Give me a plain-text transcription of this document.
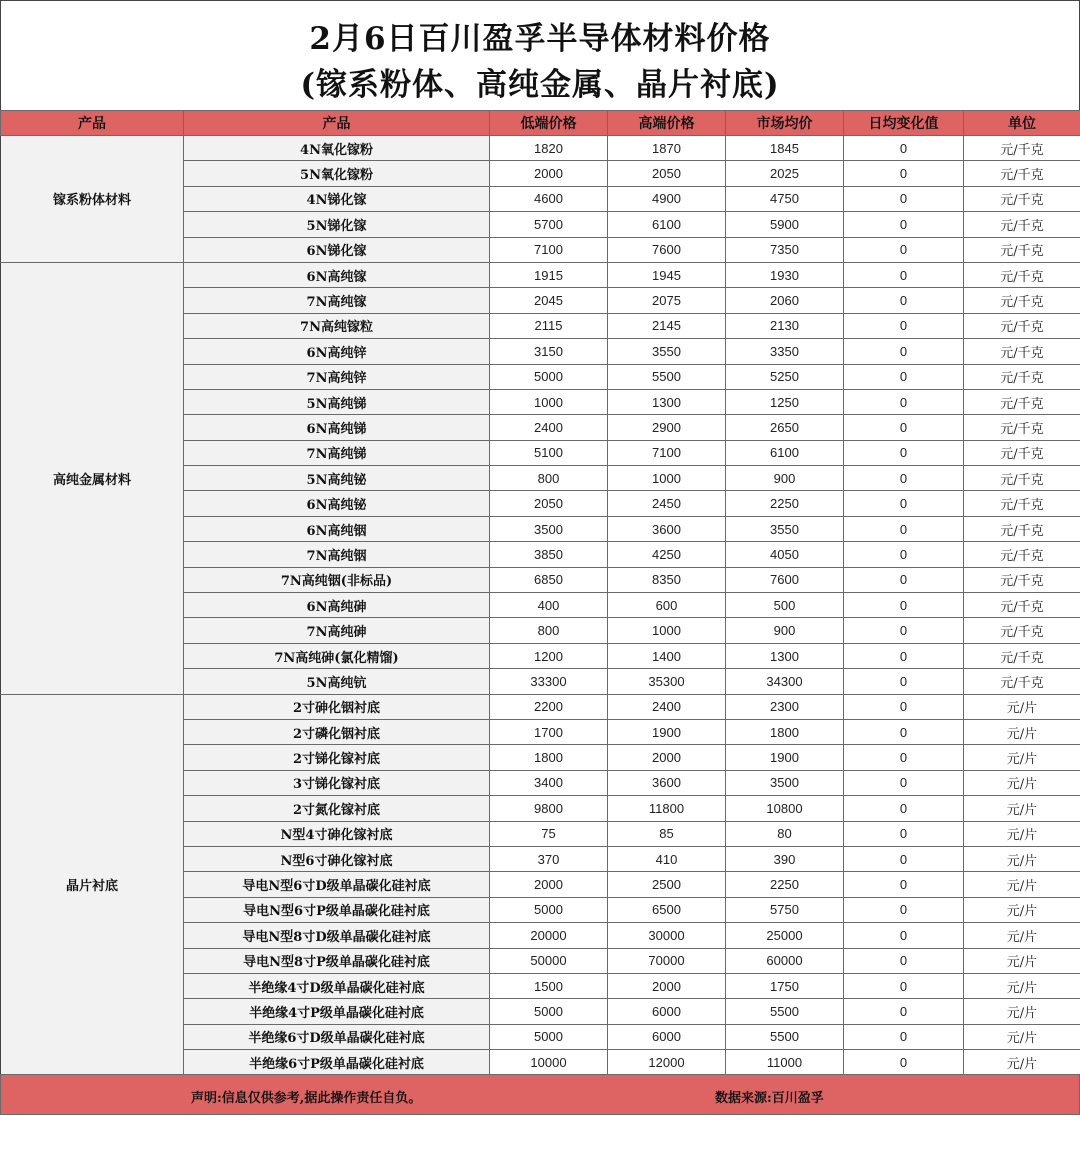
2月6日百川盈孚半导体材料价格
(镓系粉体、高纯金属、晶片衬底)
产品	产品	低端价格	高端价格	市场均价	日均变化值	单位
镓系粉体材料	4N氧化镓粉	1820	1870	1845	0	元/千克
	5N氧化镓粉	2000	2050	2025	0	元/千克
	4N锑化镓	4600	4900	4750	0	元/千克
	5N锑化镓	5700	6100	5900	0	元/千克
	6N锑化镓	7100	7600	7350	0	元/千克
高纯金属材料	6N高纯镓	1915	1945	1930	0	元/千克
	7N高纯镓	2045	2075	2060	0	元/千克
	7N高纯镓粒	2115	2145	2130	0	元/千克
	6N高纯锌	3150	3550	3350	0	元/千克
	7N高纯锌	5000	5500	5250	0	元/千克
	5N高纯锑	1000	1300	1250	0	元/千克
	6N高纯锑	2400	2900	2650	0	元/千克
	7N高纯锑	5100	7100	6100	0	元/千克
	5N高纯铋	800	1000	900	0	元/千克
	6N高纯铋	2050	2450	2250	0	元/千克
	6N高纯铟	3500	3600	3550	0	元/千克
	7N高纯铟	3850	4250	4050	0	元/千克
	7N高纯铟(非标品)	6850	8350	7600	0	元/千克
	6N高纯砷	400	600	500	0	元/千克
	7N高纯砷	800	1000	900	0	元/千克
	7N高纯砷(氯化精馏)	1200	1400	1300	0	元/千克
	5N高纯钪	33300	35300	34300	0	元/千克
晶片衬底	2寸砷化铟衬底	2200	2400	2300	0	元/片
	2寸磷化铟衬底	1700	1900	1800	0	元/片
	2寸锑化镓衬底	1800	2000	1900	0	元/片
	3寸锑化镓衬底	3400	3600	3500	0	元/片
	2寸氮化镓衬底	9800	11800	10800	0	元/片
	N型4寸砷化镓衬底	75	85	80	0	元/片
	N型6寸砷化镓衬底	370	410	390	0	元/片
	导电N型6寸D级单晶碳化硅衬底	2000	2500	2250	0	元/片
	导电N型6寸P级单晶碳化硅衬底	5000	6500	5750	0	元/片
	导电N型8寸D级单晶碳化硅衬底	20000	30000	25000	0	元/片
	导电N型8寸P级单晶碳化硅衬底	50000	70000	60000	0	元/片
	半绝缘4寸D级单晶碳化硅衬底	1500	2000	1750	0	元/片
	半绝缘4寸P级单晶碳化硅衬底	5000	6000	5500	0	元/片
	半绝缘6寸D级单晶碳化硅衬底	5000	6000	5500	0	元/片
	半绝缘6寸P级单晶碳化硅衬底	10000	12000	11000	0	元/片
声明:信息仅供参考,据此操作责任自负。	数据来源:百川盈孚
